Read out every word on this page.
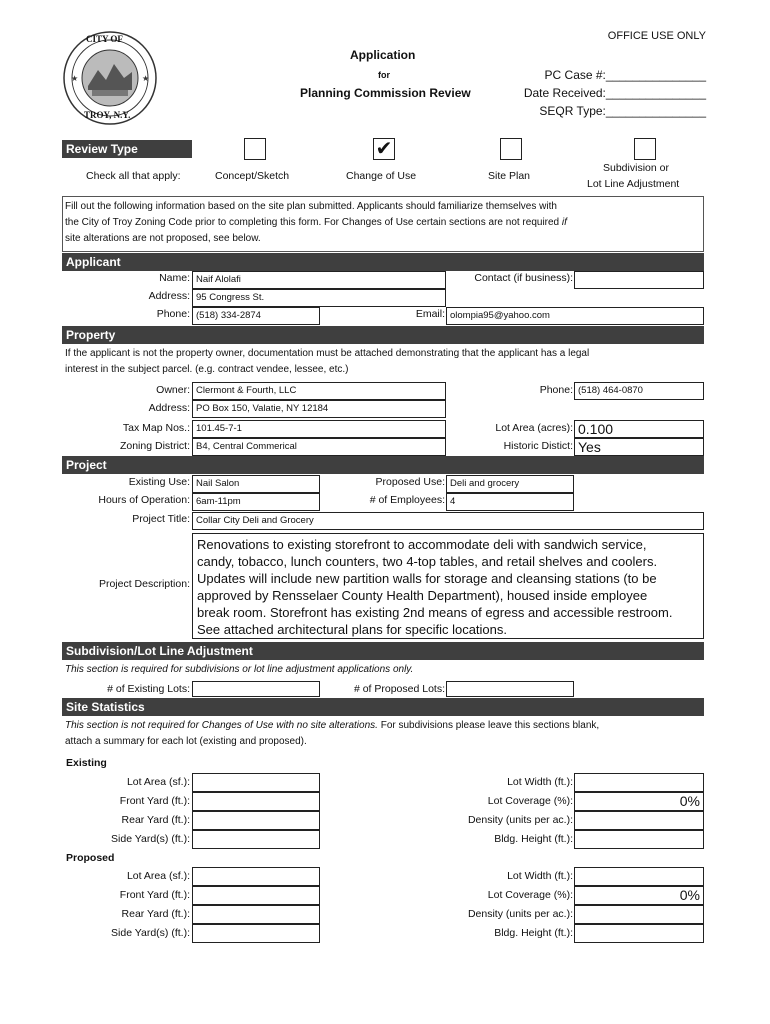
★	★
CITY OF
TROY, N.Y.
OFFICE USE ONLY
Application
for
Planning Commission Review
PC Case #:_______________
Date Received:_______________
SEQR Type:_______________
Review Type
Check all that apply:	Concept/Sketch
✔
Change of Use	Site Plan
Subdivision or
Lot Line Adjustment
Fill out the following information based on the site plan submitted. Applicants should familiarize themselves with
the City of Troy Zoning Code prior to completing this form. For Changes of Use certain sections are not required if
site alterations are not proposed, see below.
Applicant
Name: Naif Alolafi	Contact (if business):
Address: 95 Congress St.
Phone: (518) 334-2874	Email: olompia95@yahoo.com
Property
If the applicant is not the property owner, documentation must be attached demonstrating that the applicant has a legal
interest in the subject parcel. (e.g. contract vendee, lessee, etc.)
Owner: Clermont & Fourth, LLC	Phone: (518) 464-0870
Address: PO Box 150, Valatie, NY 12184
Tax Map Nos.: 101.45-7-1	Lot Area (acres): 0.100
Zoning District: B4, Central Commerical	Historic Distict: Yes
Project
Existing Use: Nail Salon	Proposed Use: Deli and grocery
Hours of Operation: 6am-11pm	# of Employees: 4
Project Title: Collar City Deli and Grocery
Project Description:
Renovations to existing storefront to accommodate deli with sandwich service,
candy, tobacco, lunch counters, two 4-top tables, and retail shelves and coolers.
Updates will include new partition walls for storage and cleansing stations (to be
approved by Rensselaer County Health Department), housed inside employee
break room. Storefront has existing 2nd means of egress and accessible restroom.
See attached architectural plans for specific locations.
Subdivision/Lot Line Adjustment
This section is required for subdivisions or lot line adjustment applications only.
# of Existing Lots:	# of Proposed Lots:
Site Statistics
This section is not required for Changes of Use with no site alterations. For subdivisions please leave this sections blank,
attach a summary for each lot (existing and proposed).
Existing
Lot Area (sf.):	Lot Width (ft.):
Front Yard (ft.):	Lot Coverage (%):	0%
Rear Yard (ft.):	Density (units per ac.):
Side Yard(s) (ft.):	Bldg. Height (ft.):
Proposed
Lot Area (sf.):	Lot Width (ft.):
Front Yard (ft.):	Lot Coverage (%):	0%
Rear Yard (ft.):	Density (units per ac.):
Side Yard(s) (ft.):	Bldg. Height (ft.):
